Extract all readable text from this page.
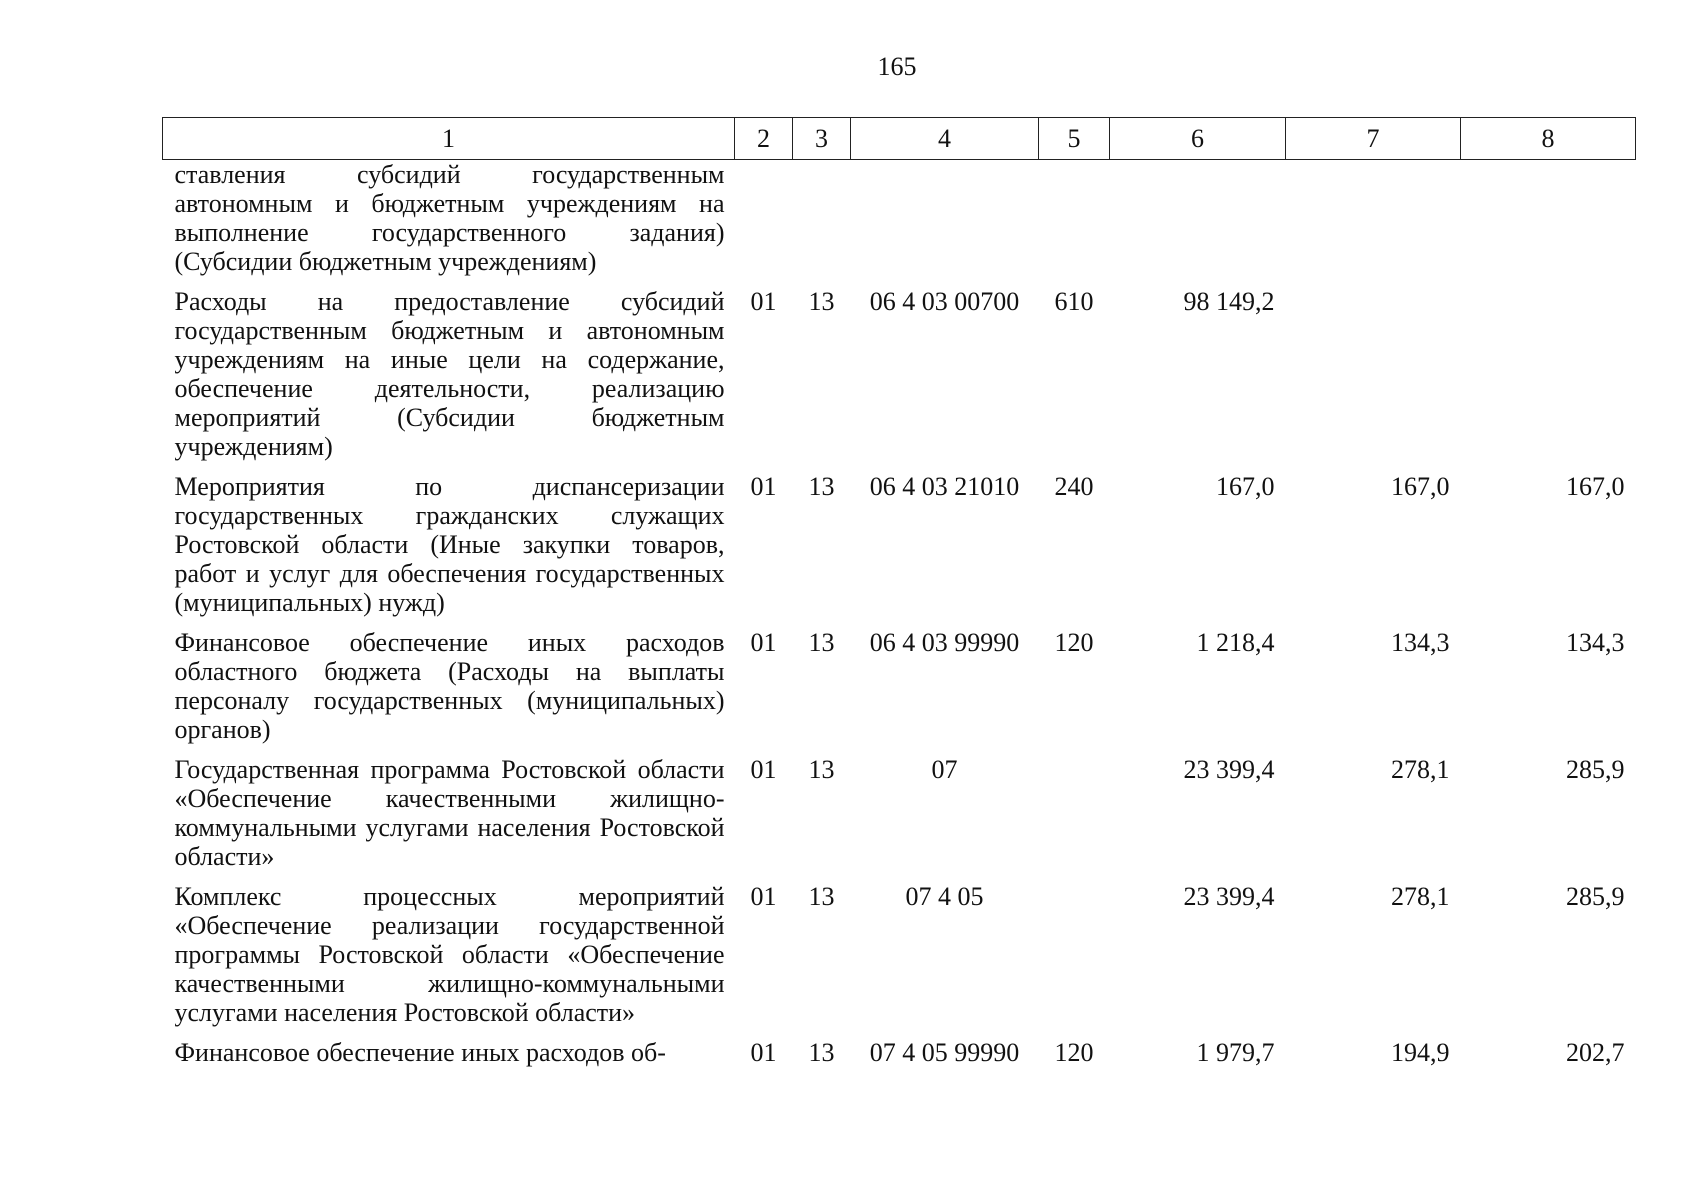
165
1	2	3	4	5	6	7	8
ставления субсидий государственным автономным и бюджетным учреждениям на выполнение государственного задания) (Субсидии бюджетным учреждениям)							
Расходы на предоставление субсидий государственным бюджетным и автономным учреждениям на иные цели на содержание, обеспечение деятельности, реализацию мероприятий (Субсидии бюджетным учреждениям)	01	13	06 4 03 00700	610	98 149,2		
Мероприятия по диспансеризации государственных гражданских служащих Ростовской области (Иные закупки товаров, работ и услуг для обеспечения государственных (муниципальных) нужд)	01	13	06 4 03 21010	240	167,0	167,0	167,0
Финансовое обеспечение иных расходов областного бюджета (Расходы на выплаты персоналу государственных (муниципальных) органов)	01	13	06 4 03 99990	120	1 218,4	134,3	134,3
Государственная программа Ростовской области «Обеспечение качественными жилищно-коммунальными услугами населения Ростовской области»	01	13	07		23 399,4	278,1	285,9
Комплекс процессных мероприятий «Обеспечение реализации государственной программы Ростовской области «Обеспечение качественными жилищно-коммунальными услугами населения Ростовской области»	01	13	07 4 05		23 399,4	278,1	285,9
Финансовое обеспечение иных расходов об-	01	13	07 4 05 99990	120	1 979,7	194,9	202,7
